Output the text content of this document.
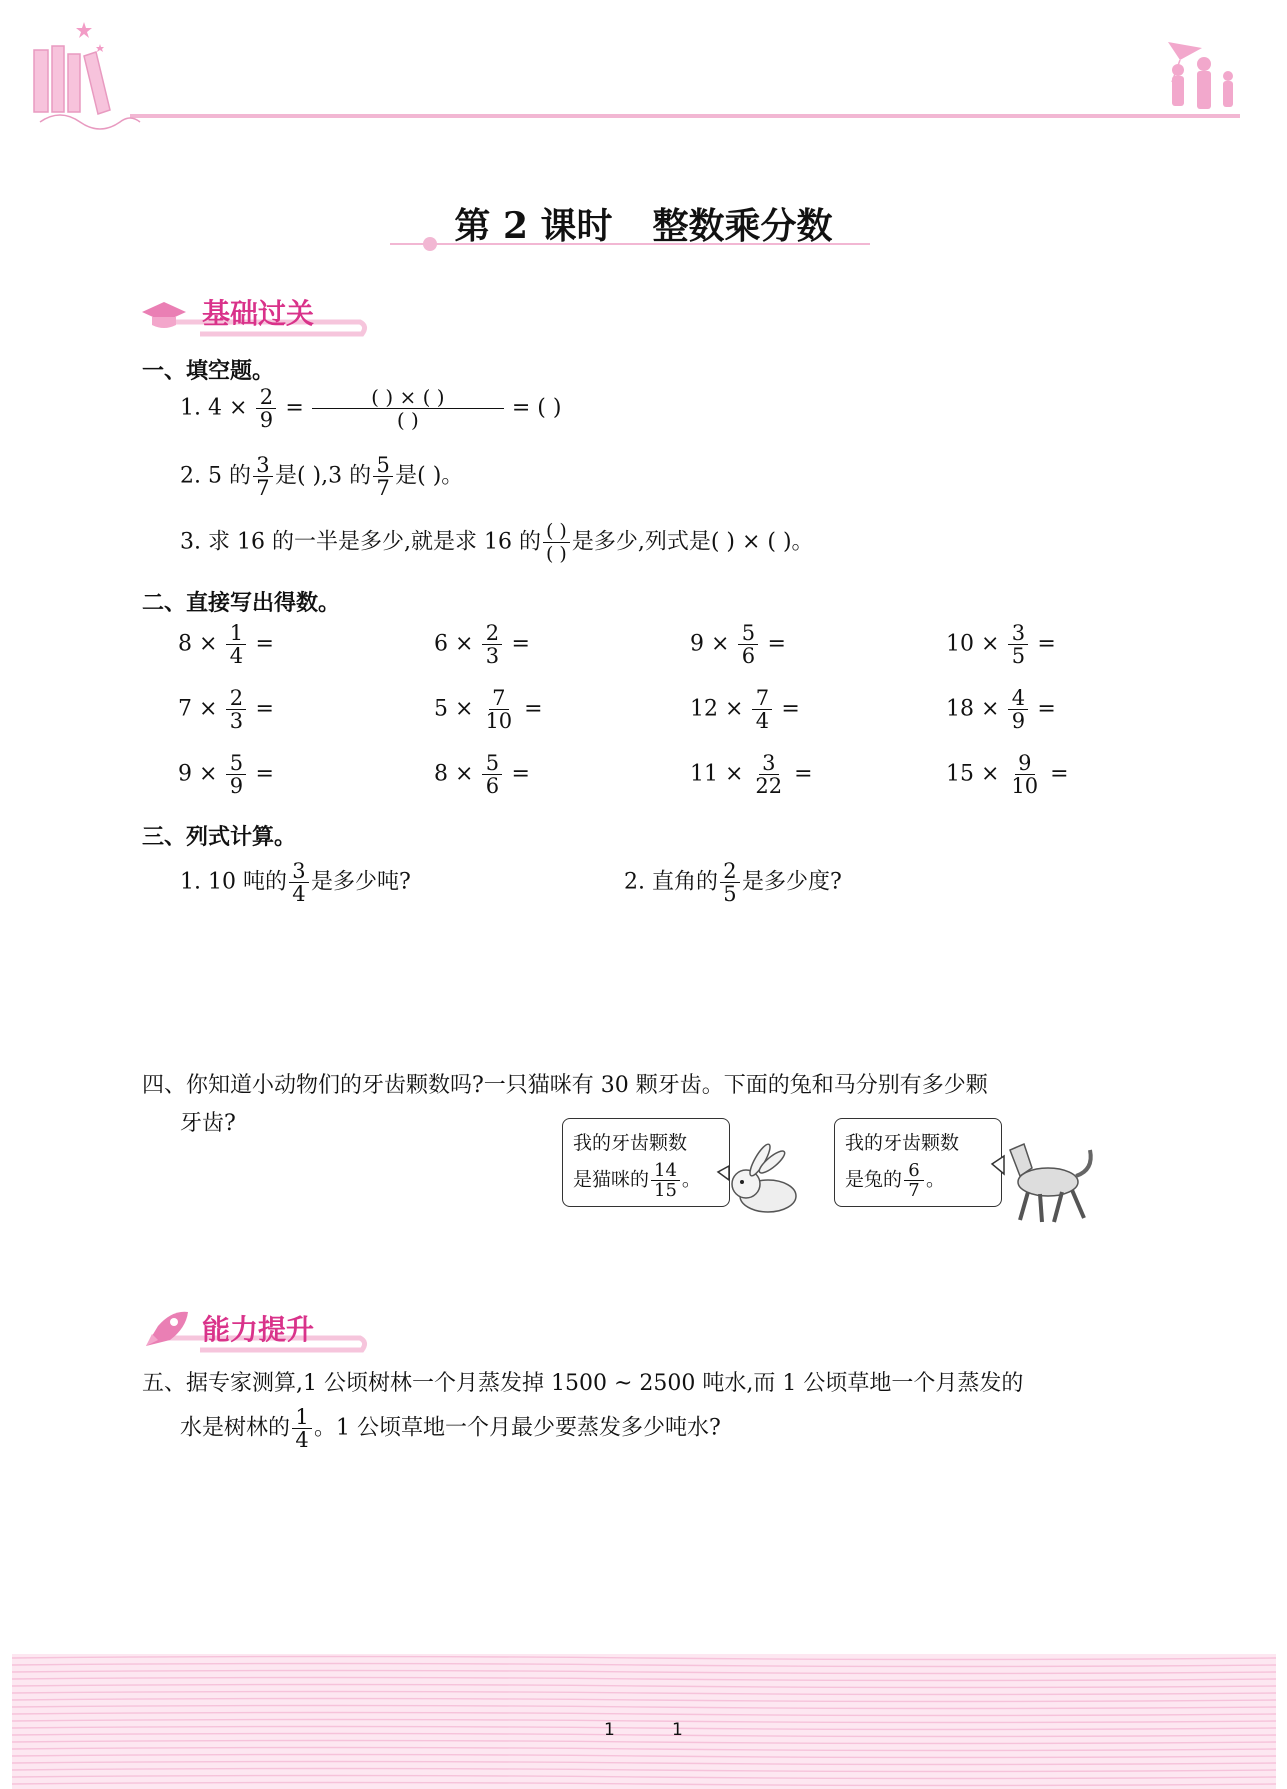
第 2 课时 整数乘分数
基础过关
一、填空题。
1. $4 \times \frac{2}{9} = \frac{( ) \times ( )}{( )}$ = ( )
2. 5 的 $\frac{3}{7}$ 是( ),3 的 $\frac{5}{7}$ 是( )。
3. 求 16 的一半是多少,就是求 16 的 $\frac{( )}{( )}$ 是多少,列式是( ) × ( )。
二、直接写出得数。
$8 \times \frac{1}{4}$ =	$6 \times \frac{2}{3}$ =	$9 \times \frac{5}{6}$ =	$10 \times \frac{3}{5}$ =
$7 \times \frac{2}{3}$ =	$5 \times \frac{7}{10}$ =	$12 \times \frac{7}{4}$ =	$18 \times \frac{4}{9}$ =
$9 \times \frac{5}{9}$ =	$8 \times \frac{5}{6}$ =	$11 \times \frac{3}{22}$ =	$15 \times \frac{9}{10}$ =
三、列式计算。
1. 10 吨的 $\frac{3}{4}$ 是多少吨?	2. 直角的 $\frac{2}{5}$ 是多少度?
四、你知道小动物们的牙齿颗数吗?一只猫咪有 30 颗牙齿。下面的兔和马分别有多少颗
牙齿?
我的牙齿颗数
是猫咪的 $\frac{14}{15}$ 。
我的牙齿颗数
是兔的 $\frac{6}{7}$ 。
能力提升
五、据专家测算,1 公顷树林一个月蒸发掉 1500 ~ 2500 吨水,而 1 公顷草地一个月蒸发的
水是树林的 $\frac{1}{4}$ 。1 公顷草地一个月最少要蒸发多少吨水?
1	1
